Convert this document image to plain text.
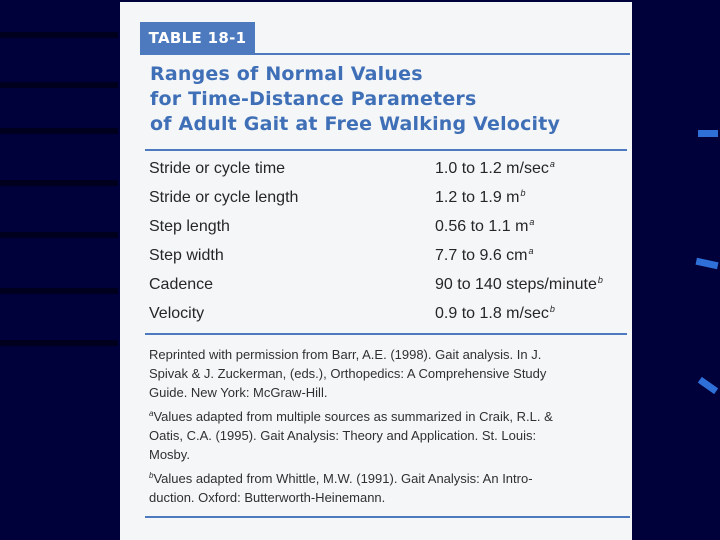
TABLE 18-1
Ranges of Normal Values
for Time-Distance Parameters
of Adult Gait at Free Walking Velocity
Stride or cycle time	1.0 to 1.2 $m/\sec^a$
Stride or cycle length	1.2 to 1.9 $m^b$
Step length	0.56 to 1.1 $m^a$
Step width	7.7 to 9.6 $cm^a$
Cadence	90 to 140 steps/minute$^b$
Velocity	0.9 to 1.8 $m/\sec^b$

Reprinted with permission from Barr, A.E. (1998). Gait analysis. In J.

Spivak & J. Zuckerman, (eds.), Orthopedics: A Comprehensive Study

Guide. New York: McGraw-Hill.

$^a$Values adapted from multiple sources as summarized in Craik, R.L. &

Oatis, C.A. (1995). Gait Analysis: Theory and Application. St. Louis:

Mosby.

$^b$Values adapted from Whittle, M.W. (1991). Gait Analysis: An Intro-

duction. Oxford: Butterworth-Heinemann.
